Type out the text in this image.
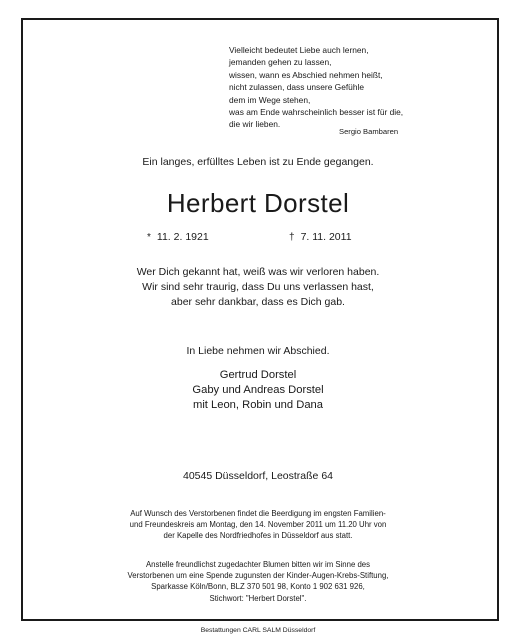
Vielleicht bedeutet Liebe auch lernen,
jemanden gehen zu lassen,
wissen, wann es Abschied nehmen heißt,
nicht zulassen, dass unsere Gefühle
dem im Wege stehen,
was am Ende wahrscheinlich besser ist für die,
die wir lieben.
Sergio Bambaren
Ein langes, erfülltes Leben ist zu Ende gegangen.
Herbert Dorstel
* 11. 2. 1921	† 7. 11. 2011
Wer Dich gekannt hat, weiß was wir verloren haben.
Wir sind sehr traurig, dass Du uns verlassen hast,
aber sehr dankbar, dass es Dich gab.
In Liebe nehmen wir Abschied.
Gertrud Dorstel
Gaby und Andreas Dorstel
mit Leon, Robin und Dana
40545 Düsseldorf, Leostraße 64
Auf Wunsch des Verstorbenen findet die Beerdigung im engsten Familien-
und Freundeskreis am Montag, den 14. November 2011 um 11.20 Uhr von
der Kapelle des Nordfriedhofes in Düsseldorf aus statt.
Anstelle freundlichst zugedachter Blumen bitten wir im Sinne des
Verstorbenen um eine Spende zugunsten der Kinder-Augen-Krebs-Stiftung,
Sparkasse Köln/Bonn, BLZ 370 501 98, Konto 1 902 631 926,
Stichwort: "Herbert Dorstel".
Bestattungen CARL SALM Düsseldorf
